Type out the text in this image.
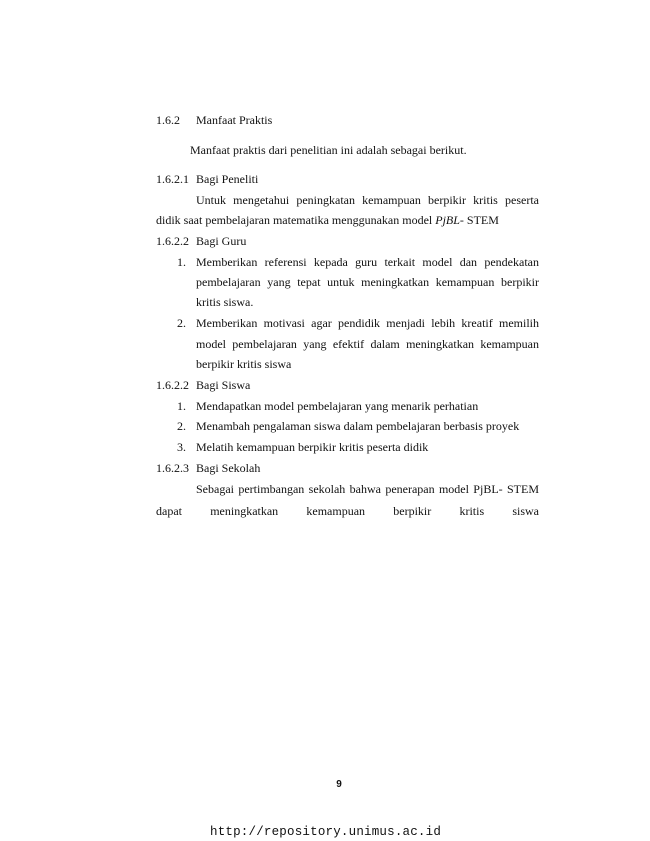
1.6.2 Manfaat Praktis
Manfaat praktis dari penelitian ini adalah sebagai berikut.
1.6.2.1 Bagi Peneliti
Untuk mengetahui peningkatan kemampuan berpikir kritis peserta
didik saat pembelajaran matematika menggunakan model PjBL- STEM
1.6.2.2 Bagi Guru
1. Memberikan referensi kepada guru terkait model dan pendekatan
pembelajaran yang tepat untuk meningkatkan kemampuan berpikir
kritis siswa.
2. Memberikan motivasi agar pendidik menjadi lebih kreatif memilih
model pembelajaran yang efektif dalam meningkatkan kemampuan
berpikir kritis siswa
1.6.2.2 Bagi Siswa
1. Mendapatkan model pembelajaran yang menarik perhatian
2. Menambah pengalaman siswa dalam pembelajaran berbasis proyek
3. Melatih kemampuan berpikir kritis peserta didik
1.6.2.3 Bagi Sekolah
Sebagai pertimbangan sekolah bahwa penerapan model PjBL- STEM
dapat meningkatkan kemampuan berpikir kritis siswa
9
http://repository.unimus.ac.id
